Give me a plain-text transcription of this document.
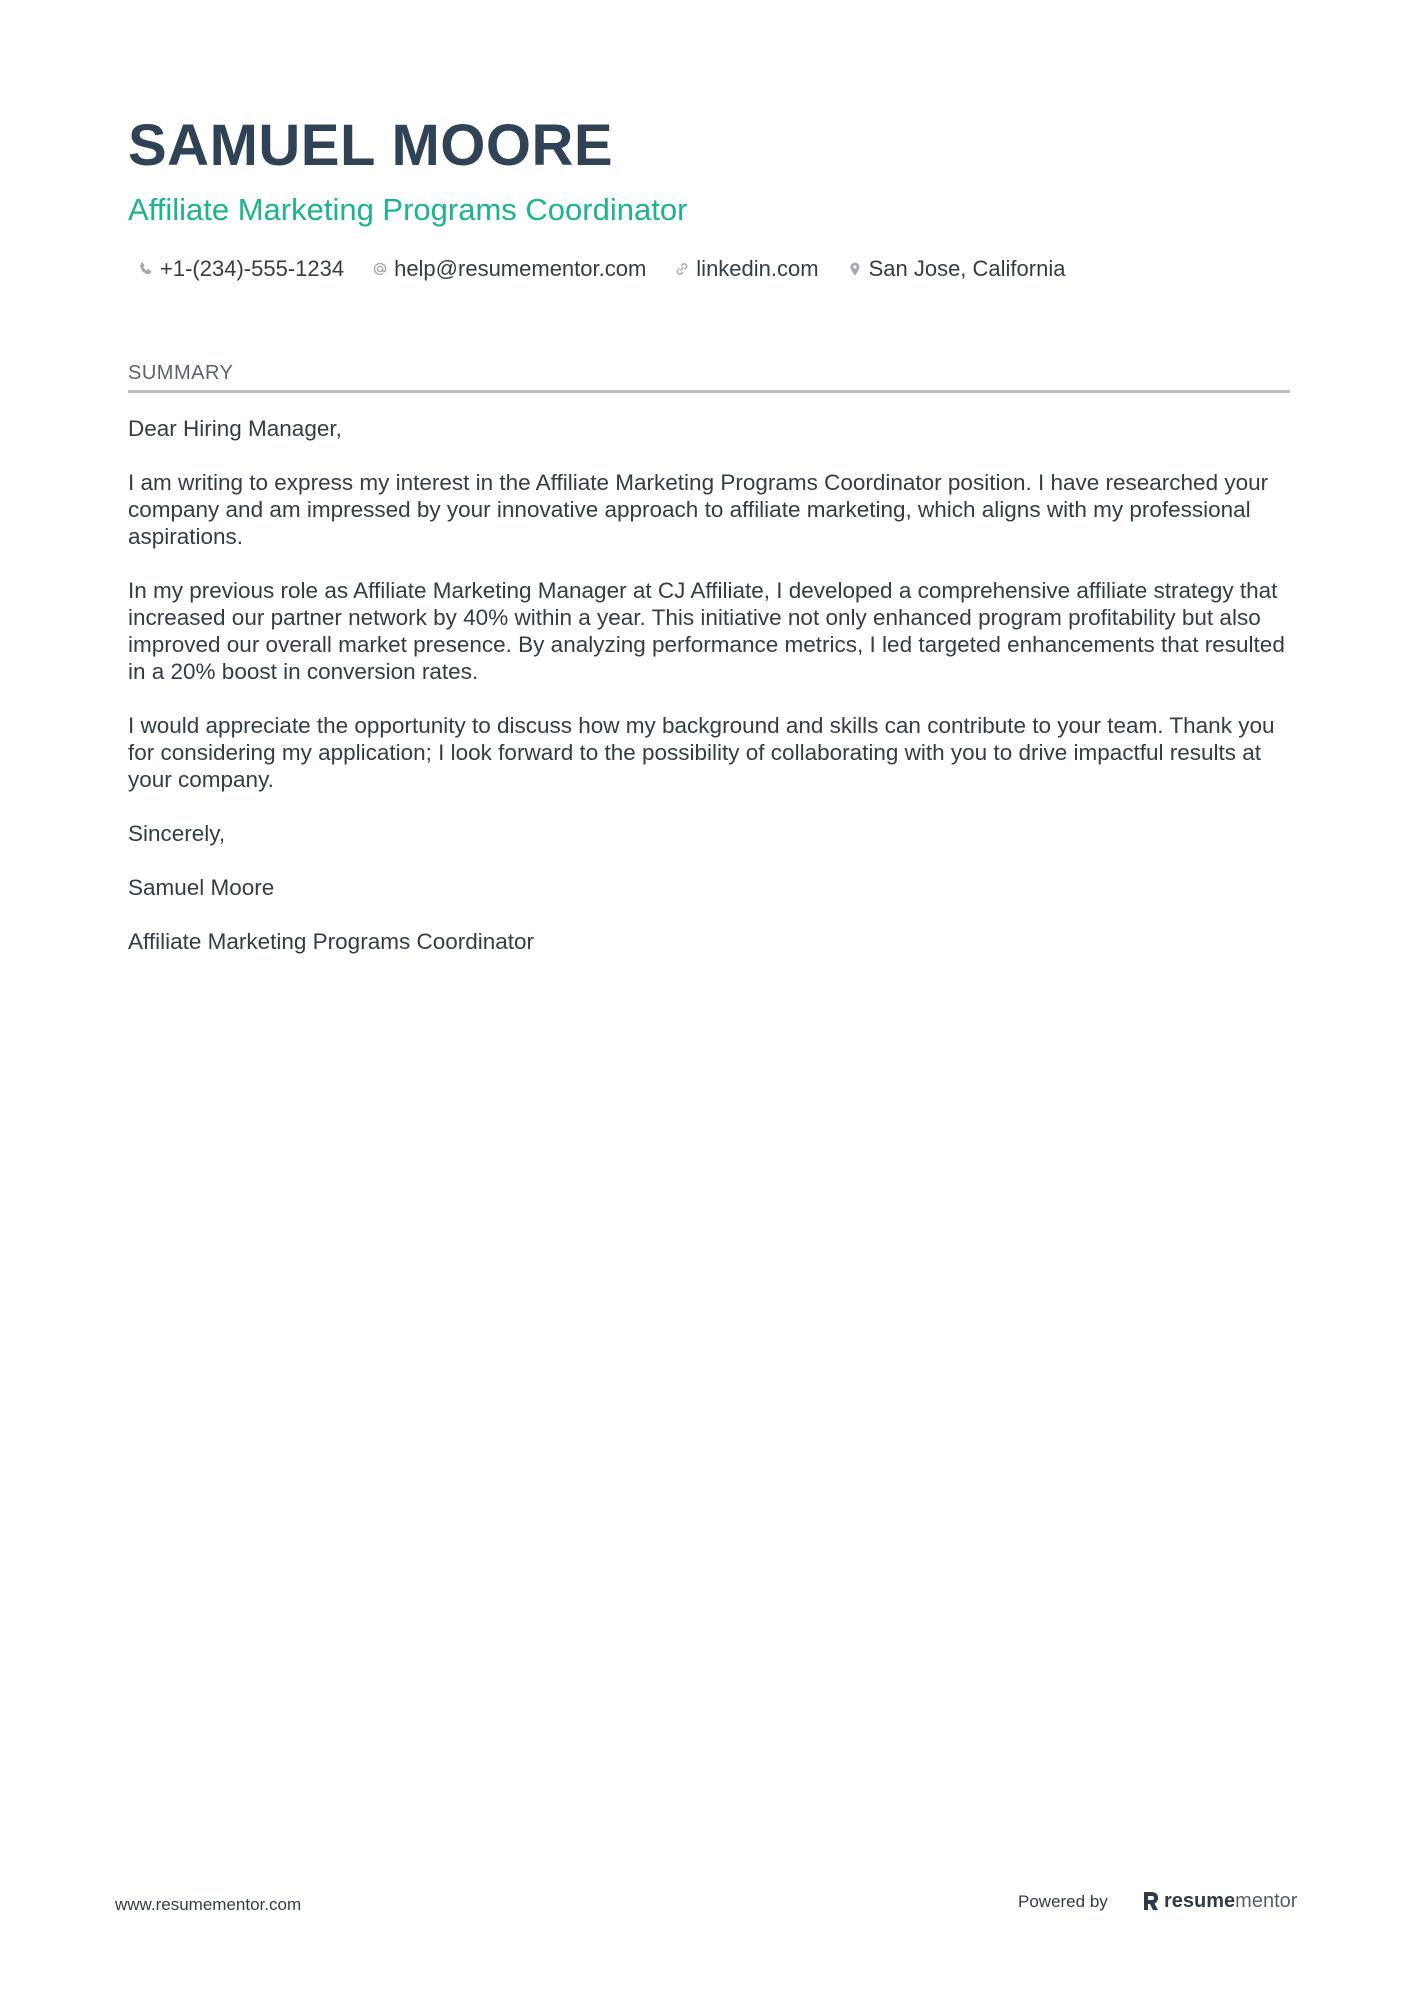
SAMUEL MOORE
Affiliate Marketing Programs Coordinator
+1-(234)-555-1234 help@resumementor.com linkedin.com San Jose, California
SUMMARY

Dear Hiring Manager,

I am writing to express my interest in the Affiliate Marketing Programs Coordinator position. I have researched your company and am impressed by your innovative approach to affiliate marketing, which aligns with my professional aspirations.

In my previous role as Affiliate Marketing Manager at CJ Affiliate, I developed a comprehensive affiliate strategy that increased our partner network by 40% within a year. This initiative not only enhanced program profitability but also improved our overall market presence. By analyzing performance metrics, I led targeted enhancements that resulted in a 20% boost in conversion rates.

I would appreciate the opportunity to discuss how my background and skills can contribute to your team. Thank you for considering my application; I look forward to the possibility of collaborating with you to drive impactful results at your company.

Sincerely,

Samuel Moore

Affiliate Marketing Programs Coordinator

www.resumementor.com	Powered by	resumementor
